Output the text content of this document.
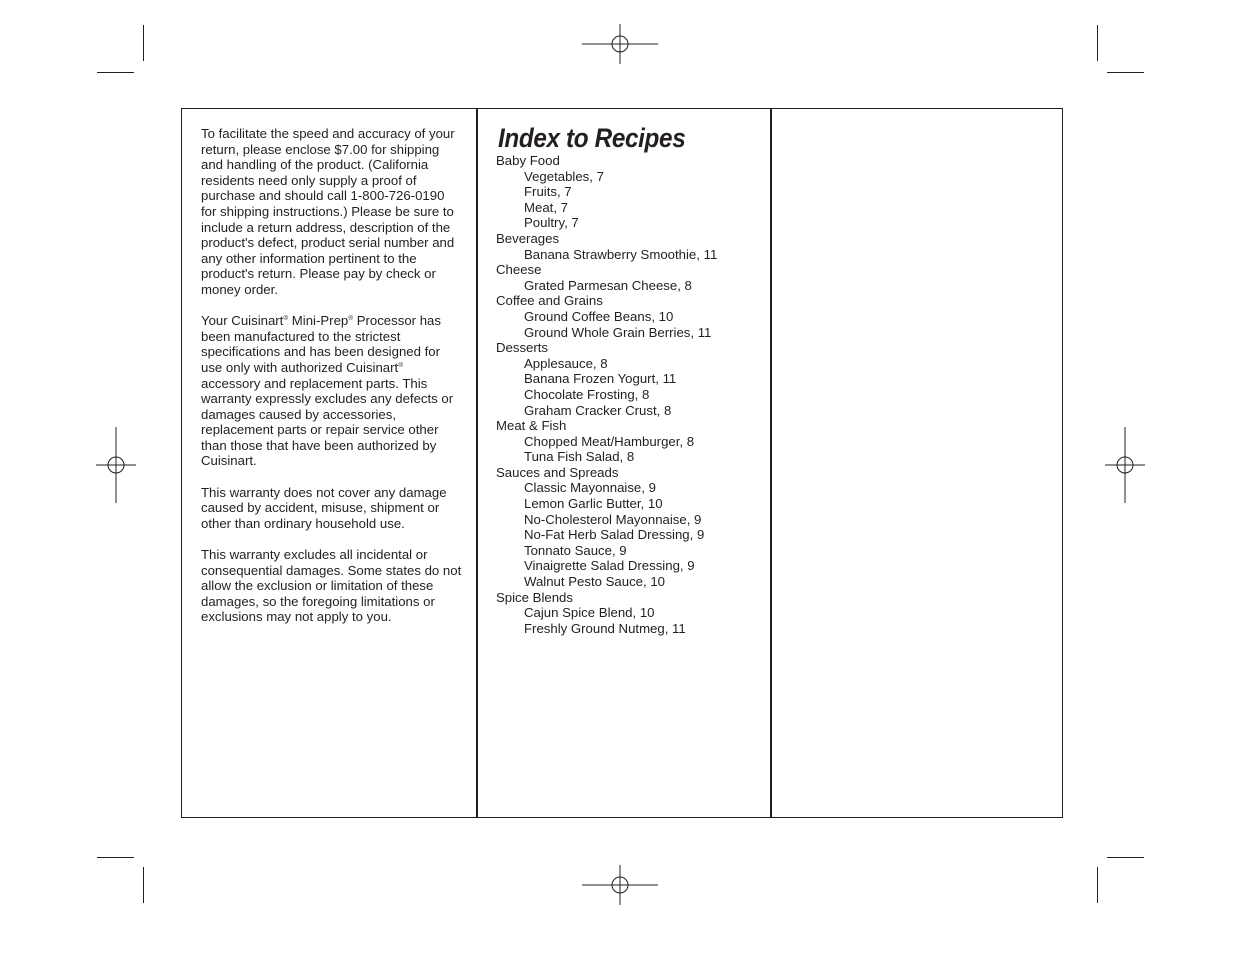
To facilitate the speed and accuracy of your return, please enclose $7.00 for shipping and handling of the product. (California residents need only supply a proof of purchase and should call 1-800-726-0190 for shipping instructions.) Please be sure to include a return address, description of the product's defect, product serial number and any other information pertinent to the product's return. Please pay by check or money order.

Your Cuisinart® Mini-Prep® Processor has been manufactured to the strictest specifications and has been designed for use only with authorized Cuisinart® accessory and replacement parts. This warranty expressly excludes any defects or damages caused by accessories, replacement parts or repair service other than those that have been authorized by Cuisinart.

This warranty does not cover any damage caused by accident, misuse, shipment or other than ordinary household use.

This warranty excludes all incidental or consequential damages. Some states do not allow the exclusion or limitation of these damages, so the foregoing limitations or exclusions may not apply to you.

Index to Recipes
Baby Food
Vegetables, 7
Fruits, 7
Meat, 7
Poultry, 7
Beverages
Banana Strawberry Smoothie, 11
Cheese
Grated Parmesan Cheese, 8
Coffee and Grains
Ground Coffee Beans, 10
Ground Whole Grain Berries, 11
Desserts
Applesauce, 8
Banana Frozen Yogurt, 11
Chocolate Frosting, 8
Graham Cracker Crust, 8
Meat & Fish
Chopped Meat/Hamburger, 8
Tuna Fish Salad, 8
Sauces and Spreads
Classic Mayonnaise, 9
Lemon Garlic Butter, 10
No-Cholesterol Mayonnaise, 9
No-Fat Herb Salad Dressing, 9
Tonnato Sauce, 9
Vinaigrette Salad Dressing, 9
Walnut Pesto Sauce, 10
Spice Blends
Cajun Spice Blend, 10
Freshly Ground Nutmeg, 11
